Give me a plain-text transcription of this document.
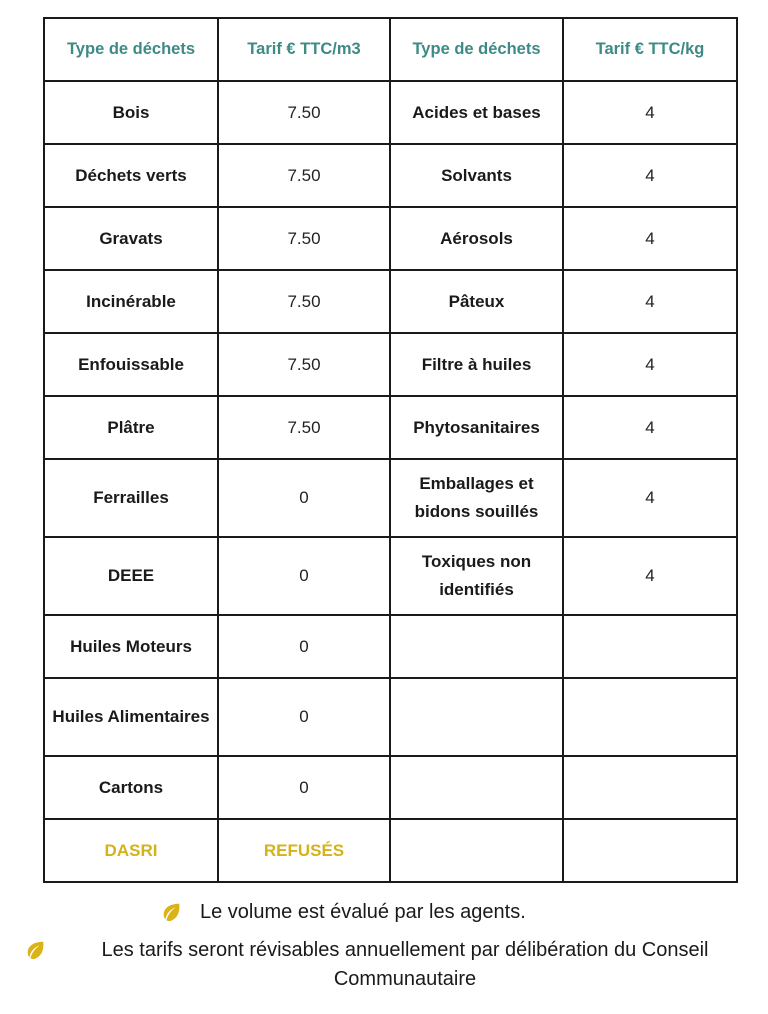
Type de déchets	Tarif € TTC/m3	Type de déchets	Tarif € TTC/kg
Bois	7.50	Acides et bases	4
Déchets verts	7.50	Solvants	4
Gravats	7.50	Aérosols	4
Incinérable	7.50	Pâteux	4
Enfouissable	7.50	Filtre à huiles	4
Plâtre	7.50	Phytosanitaires	4
Ferrailles	0	Emballages et bidons souillés	4
DEEE	0	Toxiques non identifiés	4
Huiles Moteurs	0		
Huiles Alimentaires	0		
Cartons	0		
DASRI	REFUSÉS		
Le volume est évalué par les agents.
Les tarifs seront révisables annuellement par délibération du Conseil Communautaire
